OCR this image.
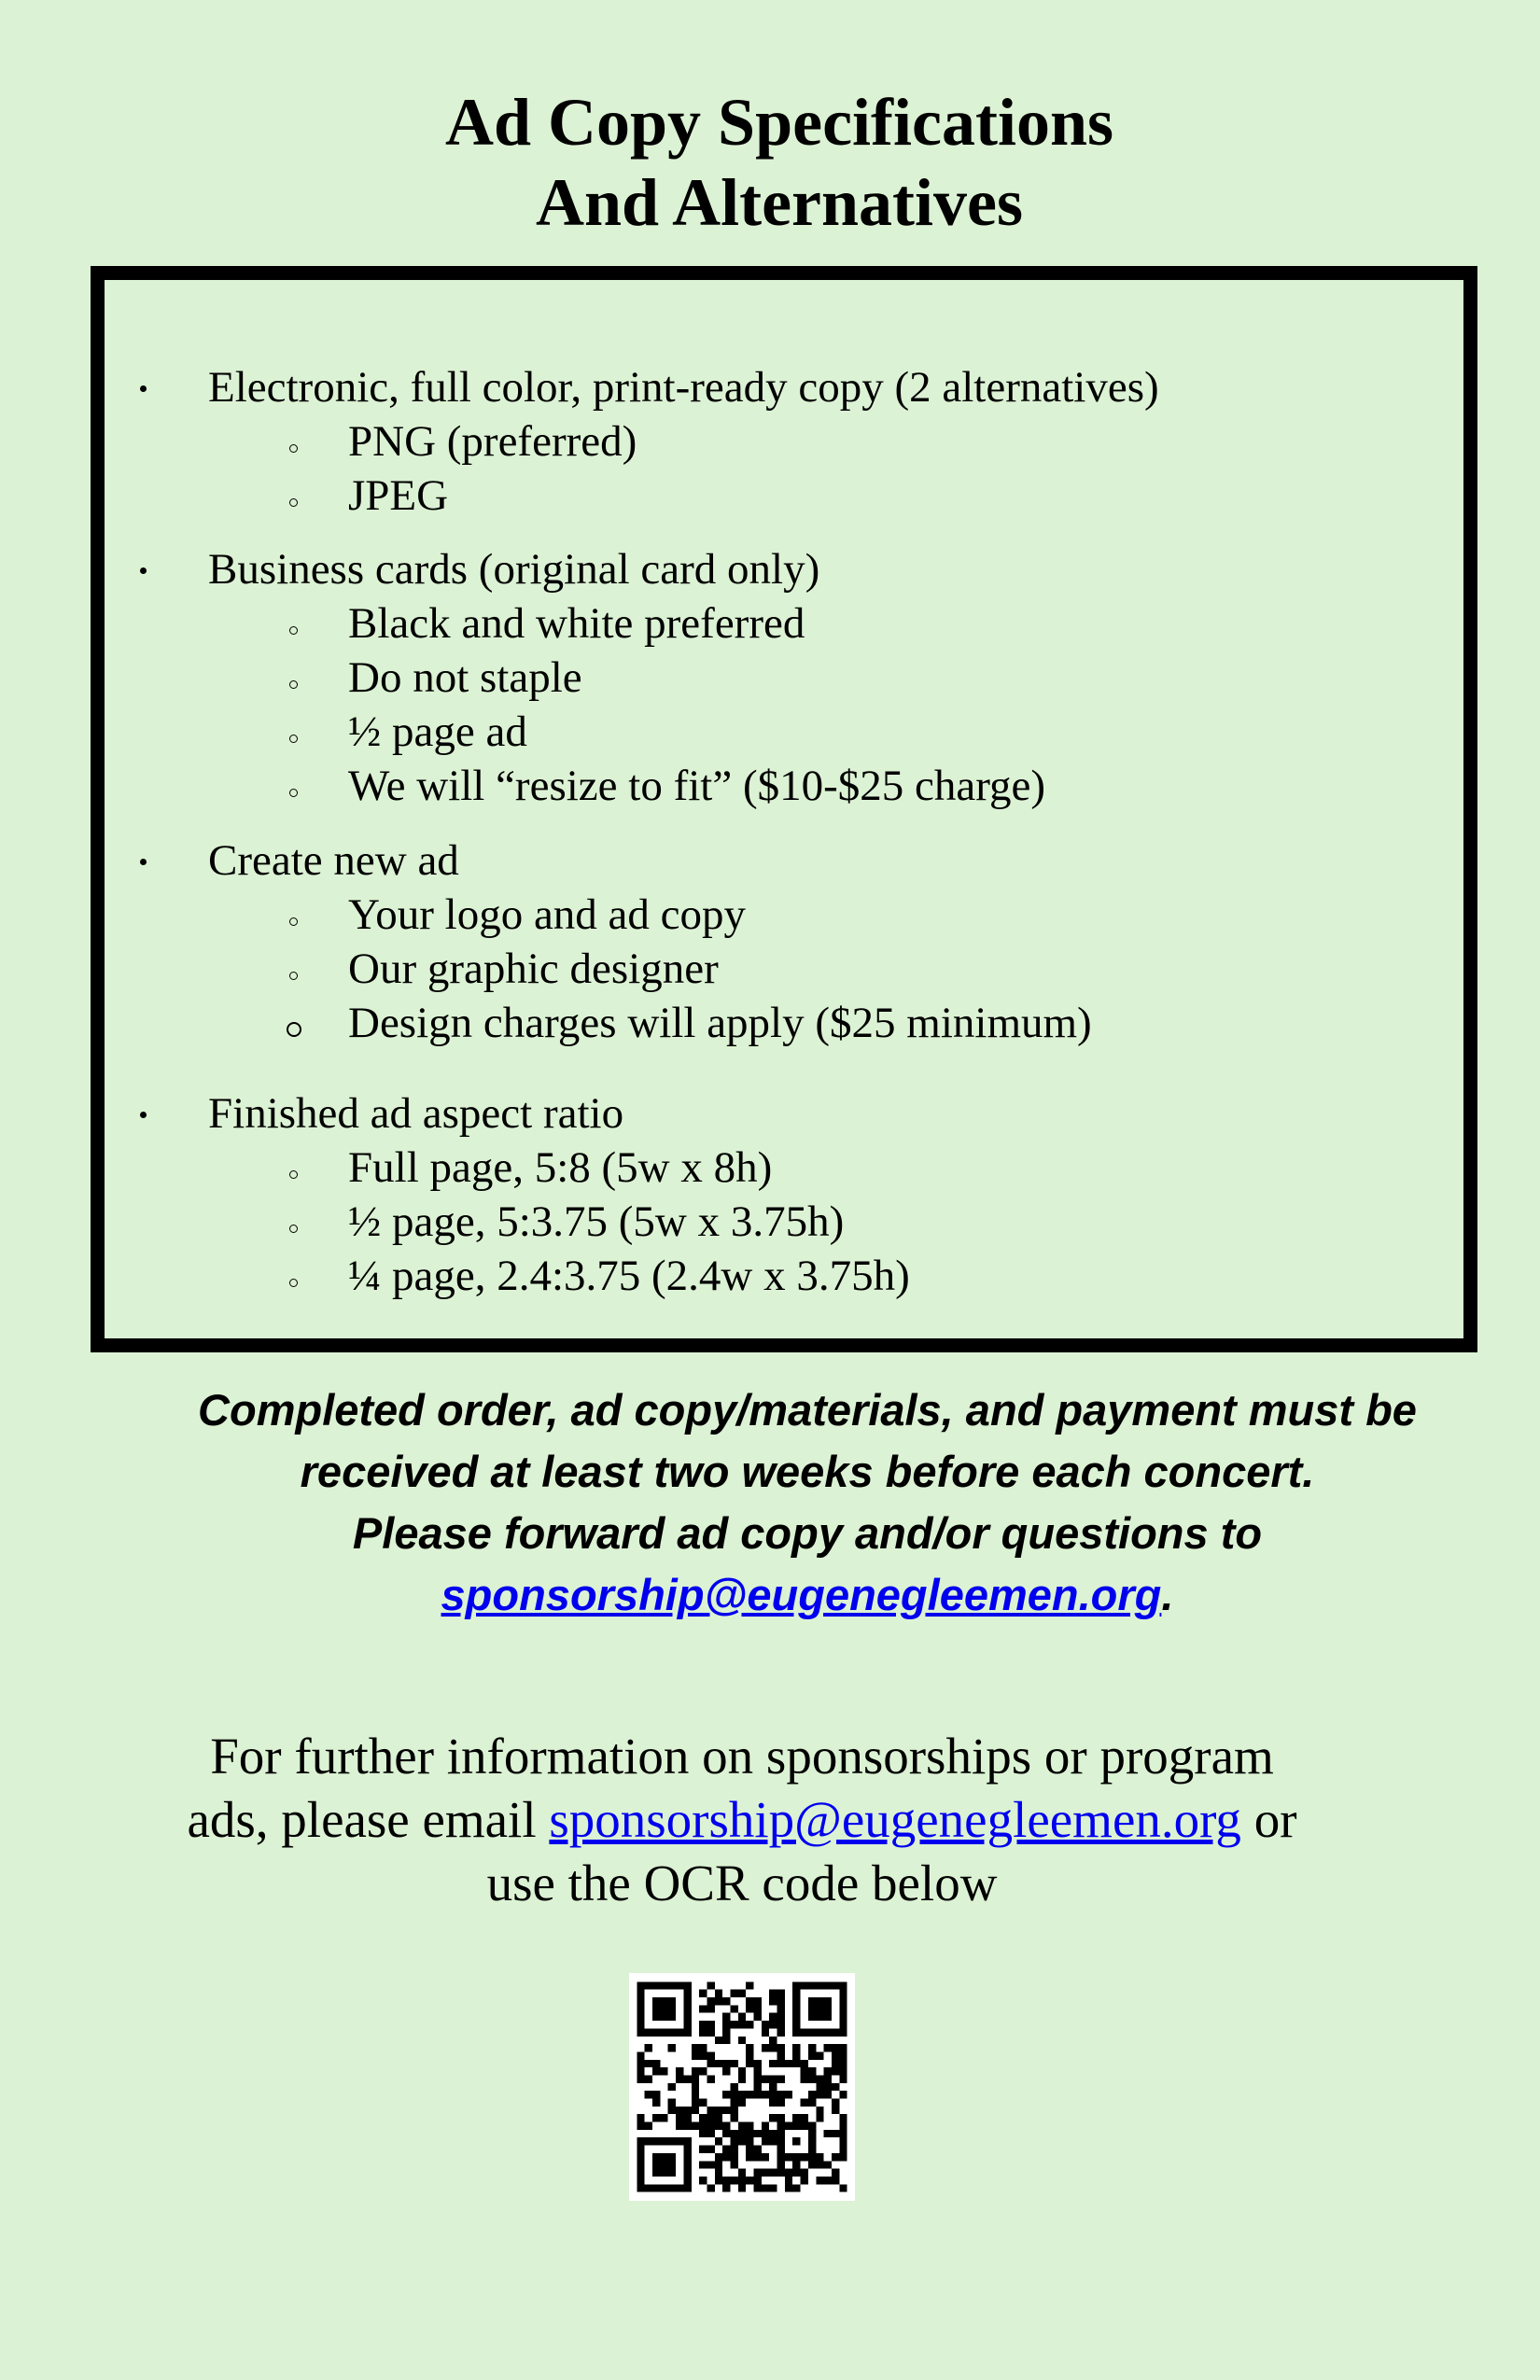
Ad Copy Specifications
And Alternatives
Electronic, full color, print-ready copy (2 alternatives)
PNG (preferred)
JPEG
Business cards (original card only)
Black and white preferred
Do not staple
½ page ad
We will “resize to fit” ($10-$25 charge)
Create new ad
Your logo and ad copy
Our graphic designer
Design charges will apply ($25 minimum)
Finished ad aspect ratio
Full page, 5:8 (5w x 8h)
½ page, 5:3.75 (5w x 3.75h)
¼ page, 2.4:3.75 (2.4w x 3.75h)
Completed order, ad copy/materials, and payment must be
received at least two weeks before each concert.
Please forward ad copy and/or questions to
sponsorship@eugenegleemen.org.
For further information on sponsorships or program
ads, please email sponsorship@eugenegleemen.org or
use the OCR code below
